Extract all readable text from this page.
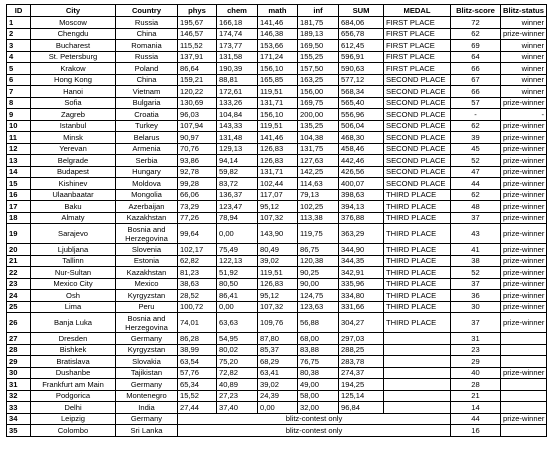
ID	City	Country	phys	chem	math	inf	SUM	MEDAL	Blitz-score	Blitz-status
1	Moscow	Russia	195,67	166,18	141,46	181,75	684,06	FIRST PLACE	72	winner
2	Chengdu	China	146,57	174,74	146,38	189,13	656,78	FIRST PLACE	62	prize-winner
3	Bucharest	Romania	115,52	173,77	153,66	169,50	612,45	FIRST PLACE	69	winner
4	St. Petersburg	Russia	137,91	131,58	171,24	155,25	596,91	FIRST PLACE	64	winner
5	Krakow	Poland	86,64	190,39	156,10	157,50	590,63	FIRST PLACE	66	winner
6	Hong Kong	China	159,21	88,81	165,85	163,25	577,12	SECOND PLACE	67	winner
7	Hanoi	Vietnam	120,22	172,61	119,51	156,00	568,34	SECOND PLACE	66	winner
8	Sofia	Bulgaria	130,69	133,26	131,71	169,75	565,40	SECOND PLACE	57	prize-winner
9	Zagreb	Croatia	96,03	104,84	156,10	200,00	556,96	SECOND PLACE	-	-
10	Istanbul	Turkey	107,94	143,33	119,51	135,25	506,04	SECOND PLACE	62	prize-winner
11	Minsk	Belarus	90,97	131,48	141,46	104,38	468,30	SECOND PLACE	39	prize-winner
12	Yerevan	Armenia	70,76	129,13	126,83	131,75	458,46	SECOND PLACE	45	prize-winner
13	Belgrade	Serbia	93,86	94,14	126,83	127,63	442,46	SECOND PLACE	52	prize-winner
14	Budapest	Hungary	92,78	59,82	131,71	142,25	426,56	SECOND PLACE	47	prize-winner
15	Kishinev	Moldova	99,28	83,72	102,44	114,63	400,07	SECOND PLACE	44	prize-winner
16	Ulaanbaatar	Mongolia	66,06	136,37	117,07	79,13	398,63	THIRD PLACE	62	prize-winner
17	Baku	Azerbaijan	73,29	123,47	95,12	102,25	394,13	THIRD PLACE	48	prize-winner
18	Almaty	Kazakhstan	77,26	78,94	107,32	113,38	376,88	THIRD PLACE	37	prize-winner
19	Sarajevo	Bosnia and Herzegovina	99,64	0,00	143,90	119,75	363,29	THIRD PLACE	43	prize-winner
20	Ljubljana	Slovenia	102,17	75,49	80,49	86,75	344,90	THIRD PLACE	41	prize-winner
21	Tallinn	Estonia	62,82	122,13	39,02	120,38	344,35	THIRD PLACE	38	prize-winner
22	Nur-Sultan	Kazakhstan	81,23	51,92	119,51	90,25	342,91	THIRD PLACE	52	prize-winner
23	Mexico City	Mexico	38,63	80,50	126,83	90,00	335,96	THIRD PLACE	37	prize-winner
24	Osh	Kyrgyzstan	28,52	86,41	95,12	124,75	334,80	THIRD PLACE	36	prize-winner
25	Lima	Peru	100,72	0,00	107,32	123,63	331,66	THIRD PLACE	30	prize-winner
26	Banja Luka	Bosnia and Herzegovina	74,01	63,63	109,76	56,88	304,27	THIRD PLACE	37	prize-winner
27	Dresden	Germany	86,28	54,95	87,80	68,00	297,03		31	
28	Bishkek	Kyrgyzstan	38,99	80,02	85,37	83,88	288,25		23	
29	Bratislava	Slovakia	63,54	75,20	68,29	76,75	283,78		29	
30	Dushanbe	Tajikistan	57,76	72,82	63,41	80,38	274,37		40	prize-winner
31	Frankfurt am Main	Germany	65,34	40,89	39,02	49,00	194,25		28	
32	Podgorica	Montenegro	15,52	27,23	24,39	58,00	125,14		21	
33	Delhi	India	27,44	37,40	0,00	32,00	96,84		14	
34	Leipzig	Germany	blitz-contest only						44	prize-winner
35	Colombo	Sri Lanka	blitz-contest only						16	
